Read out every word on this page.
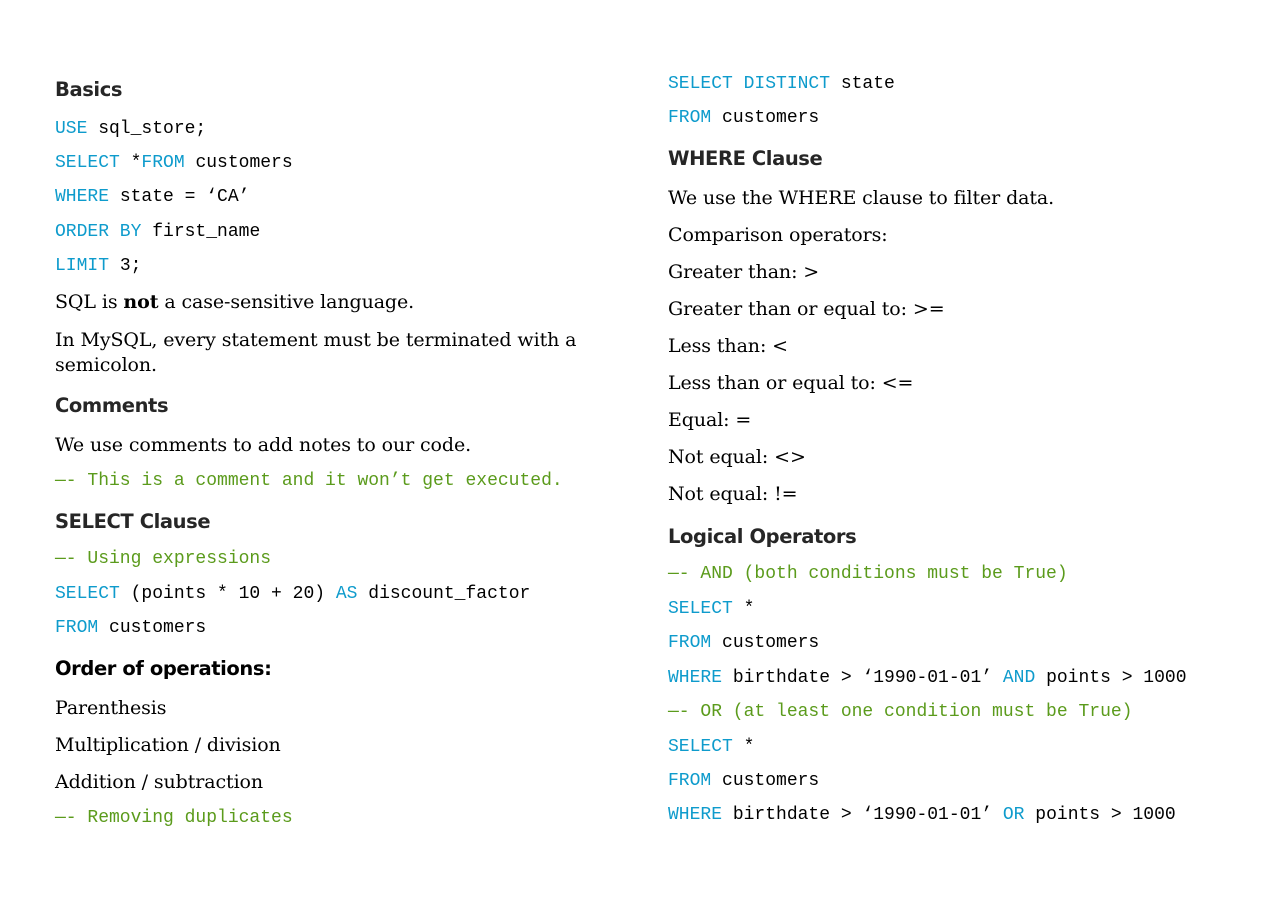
Basics
USE sql_store;
SELECT *FROM customers
WHERE state = ‘CA’
ORDER BY first_name
LIMIT 3;
SQL is not a case-sensitive language.
In MySQL, every statement must be terminated with a semicolon.
Comments
We use comments to add notes to our code.
—- This is a comment and it won’t get executed.
SELECT Clause
—- Using expressions
SELECT (points * 10 + 20) AS discount_factor
FROM customers
Order of operations:
Parenthesis
Multiplication / division
Addition / subtraction
—- Removing duplicates
SELECT DISTINCT state
FROM customers
WHERE Clause
We use the WHERE clause to filter data.
Comparison operators:
Greater than: >
Greater than or equal to: >=
Less than: <
Less than or equal to: <=
Equal: =
Not equal: <>
Not equal: !=
Logical Operators
—- AND (both conditions must be True)
SELECT *
FROM customers
WHERE birthdate > ‘1990-01-01’ AND points > 1000
—- OR (at least one condition must be True)
SELECT *
FROM customers
WHERE birthdate > ‘1990-01-01’ OR points > 1000
